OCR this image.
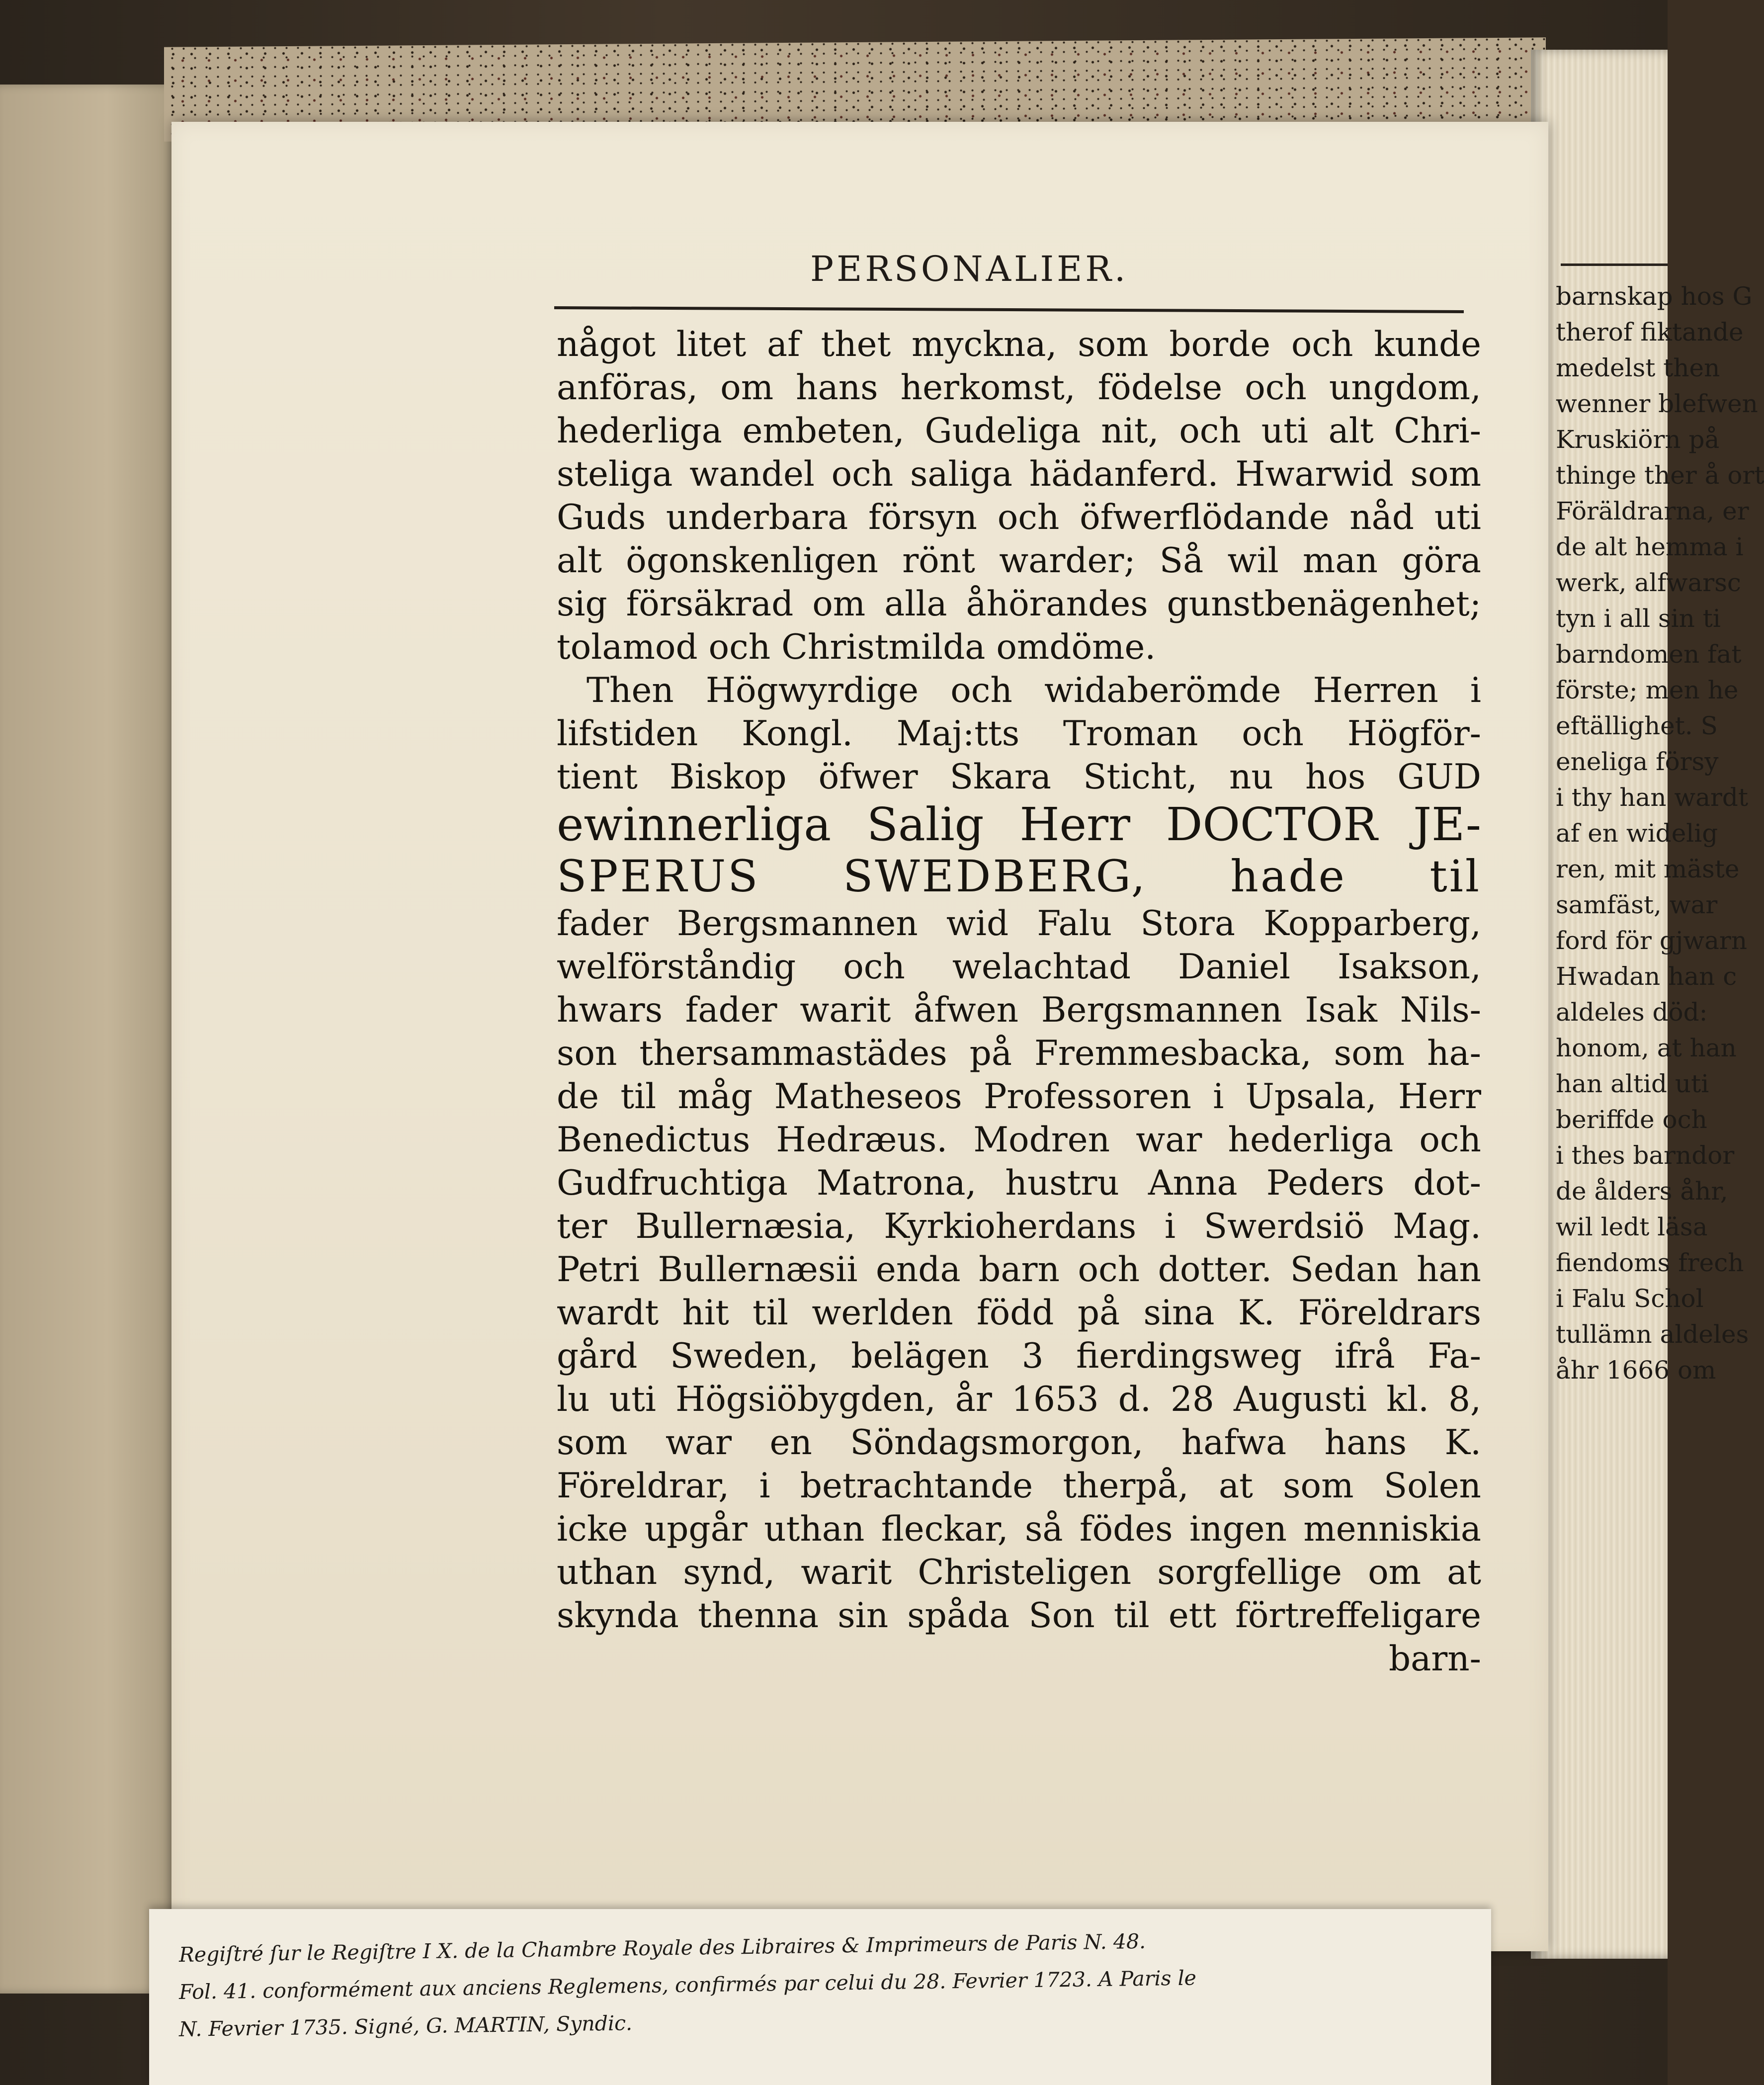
barnskap hos G
therof fiktande
medelst then
wenner blefwen
Kruskiörn på
thinge ther å ort
Föräldrarna, er
de alt hemma i
werk, alfwarsc
tyn i all sin ti
barndomen fat
förste; men he
eftällighet. S
eneliga försy
i thy han wardt
af en widelig
ren, mit mäste
samfäst, war
ford för gjwarn
Hwadan han c
aldeles död:
honom, at han
han altid uti
beriffde och
i thes barndor
de ålders åhr,
wil ledt läsa
fiendoms frech
i Falu Schol
tullämn aldeles
åhr 1666 om
PERSONALIER.
något litet af thet myckna, som borde och kunde
anföras, om hans herkomst, födelse och ungdom,
hederliga embeten, Gudeliga nit, och uti alt Chri-
steliga wandel och saliga hädanferd. Hwarwid som
Guds underbara försyn och öfwerflödande nåd uti
alt ögonskenligen rönt warder; Så wil man göra
sig försäkrad om alla åhörandes gunstbenägenhet;
tolamod och Christmilda omdöme.
Then Högwyrdige och widaberömde Herren i
lifstiden Kongl. Maj:tts Troman och Högför-
tient Biskop öfwer Skara Sticht, nu hos GUD
ewinnerliga Salig Herr DOCTOR JE-
SPERUS SWEDBERG, hade til
fader Bergsmannen wid Falu Stora Kopparberg,
welförståndig och welachtad Daniel Isakson,
hwars fader warit åfwen Bergsmannen Isak Nils-
son thersammastädes på Fremmesbacka, som ha-
de til måg Matheseos Professoren i Upsala, Herr
Benedictus Hedræus. Modren war hederliga och
Gudfruchtiga Matrona, hustru Anna Peders dot-
ter Bullernæsia, Kyrkioherdans i Swerdsiö Mag.
Petri Bullernæsii enda barn och dotter. Sedan han
wardt hit til werlden född på sina K. Föreldrars
gård Sweden, belägen 3 fierdingsweg ifrå Fa-
lu uti Högsiöbygden, år 1653 d. 28 Augusti kl. 8,
som war en Söndagsmorgon, hafwa hans K.
Föreldrar, i betrachtande therpå, at som Solen
icke upgår uthan fleckar, så födes ingen menniskia
uthan synd, warit Christeligen sorgfellige om at
skynda thenna sin spåda Son til ett förtreffeligare
barn-
Regiſtré ſur le Regiſtre I X. de la Chambre Royale des Libraires & Imprimeurs de Paris N. 48.
Fol. 41. conformément aux anciens Reglemens, confirmés par celui du 28. Fevrier 1723. A Paris le
N. Fevrier 1735. Signé, G. MARTIN, Syndic.
